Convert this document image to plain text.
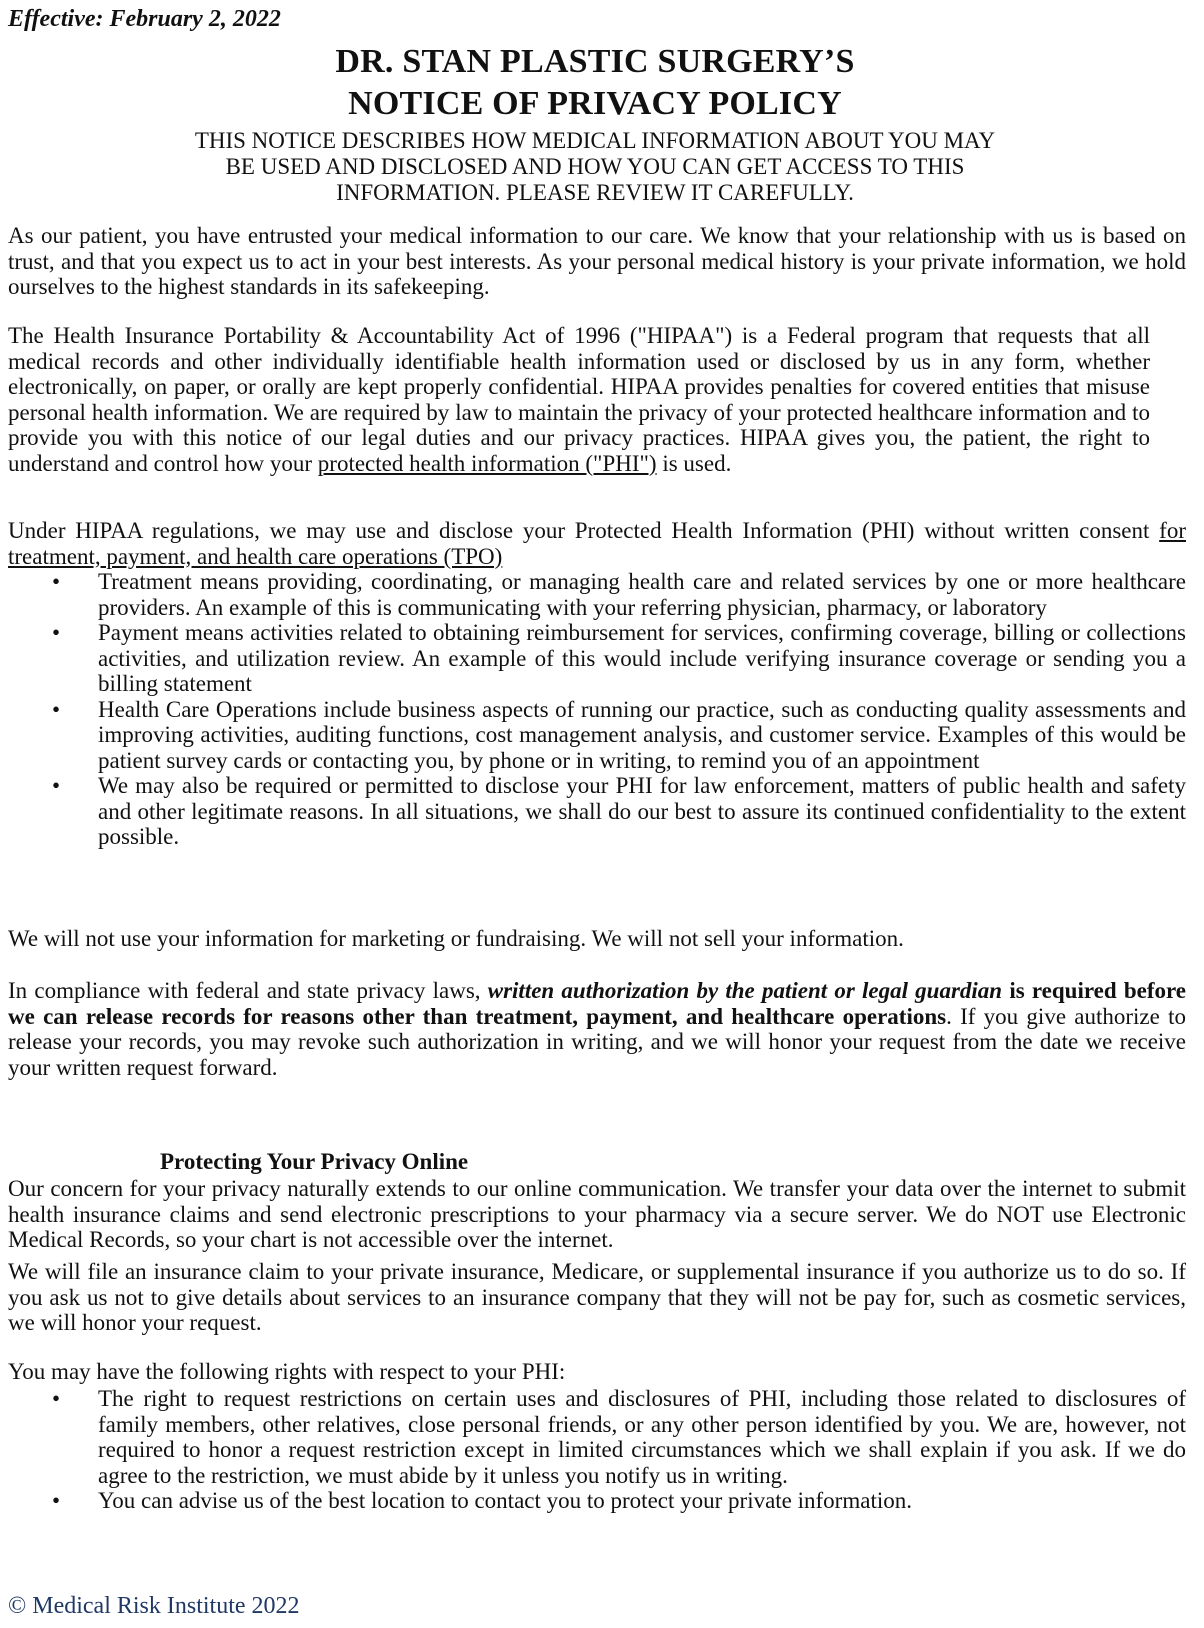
Effective: February 2, 2022
DR. STAN PLASTIC SURGERY’S
NOTICE OF PRIVACY POLICY
THIS NOTICE DESCRIBES HOW MEDICAL INFORMATION ABOUT YOU MAY
BE USED AND DISCLOSED AND HOW YOU CAN GET ACCESS TO THIS
INFORMATION. PLEASE REVIEW IT CAREFULLY.

As our patient, you have entrusted your medical information to our care. We know that your relationship with us is based on trust, and that you expect us to act in your best interests. As your personal medical history is your private information, we hold ourselves to the highest standards in its safekeeping.

The Health Insurance Portability & Accountability Act of 1996 ("HIPAA") is a Federal program that requests that all medical records and other individually identifiable health information used or disclosed by us in any form, whether electronically, on paper, or orally are kept properly confidential. HIPAA provides penalties for covered entities that misuse personal health information. We are required by law to maintain the privacy of your protected healthcare information and to provide you with this notice of our legal duties and our privacy practices. HIPAA gives you, the patient, the right to understand and control how your protected health information ("PHI") is used.

Under HIPAA regulations, we may use and disclose your Protected Health Information (PHI) without written consent for treatment, payment, and health care operations (TPO)

•	Treatment means providing, coordinating, or managing health care and related services by one or more healthcare providers. An example of this is communicating with your referring physician, pharmacy, or laboratory
•	Payment means activities related to obtaining reimbursement for services, confirming coverage, billing or collections activities, and utilization review. An example of this would include verifying insurance coverage or sending you a billing statement
•	Health Care Operations include business aspects of running our practice, such as conducting quality assessments and improving activities, auditing functions, cost management analysis, and customer service. Examples of this would be patient survey cards or contacting you, by phone or in writing, to remind you of an appointment
•	We may also be required or permitted to disclose your PHI for law enforcement, matters of public health and safety and other legitimate reasons. In all situations, we shall do our best to assure its continued confidentiality to the extent possible.

We will not use your information for marketing or fundraising. We will not sell your information.

In compliance with federal and state privacy laws, written authorization by the patient or legal guardian is required before we can release records for reasons other than treatment, payment, and healthcare operations. If you give authorize to release your records, you may revoke such authorization in writing, and we will honor your request from the date we receive your written request forward.

Protecting Your Privacy Online

Our concern for your privacy naturally extends to our online communication. We transfer your data over the internet to submit health insurance claims and send electronic prescriptions to your pharmacy via a secure server. We do NOT use Electronic Medical Records, so your chart is not accessible over the internet.

We will file an insurance claim to your private insurance, Medicare, or supplemental insurance if you authorize us to do so. If you ask us not to give details about services to an insurance company that they will not be pay for, such as cosmetic services, we will honor your request.

You may have the following rights with respect to your PHI:

•	The right to request restrictions on certain uses and disclosures of PHI, including those related to disclosures of family members, other relatives, close personal friends, or any other person identified by you. We are, however, not required to honor a request restriction except in limited circumstances which we shall explain if you ask. If we do agree to the restriction, we must abide by it unless you notify us in writing.
•	You can advise us of the best location to contact you to protect your private information.
© Medical Risk Institute 2022
